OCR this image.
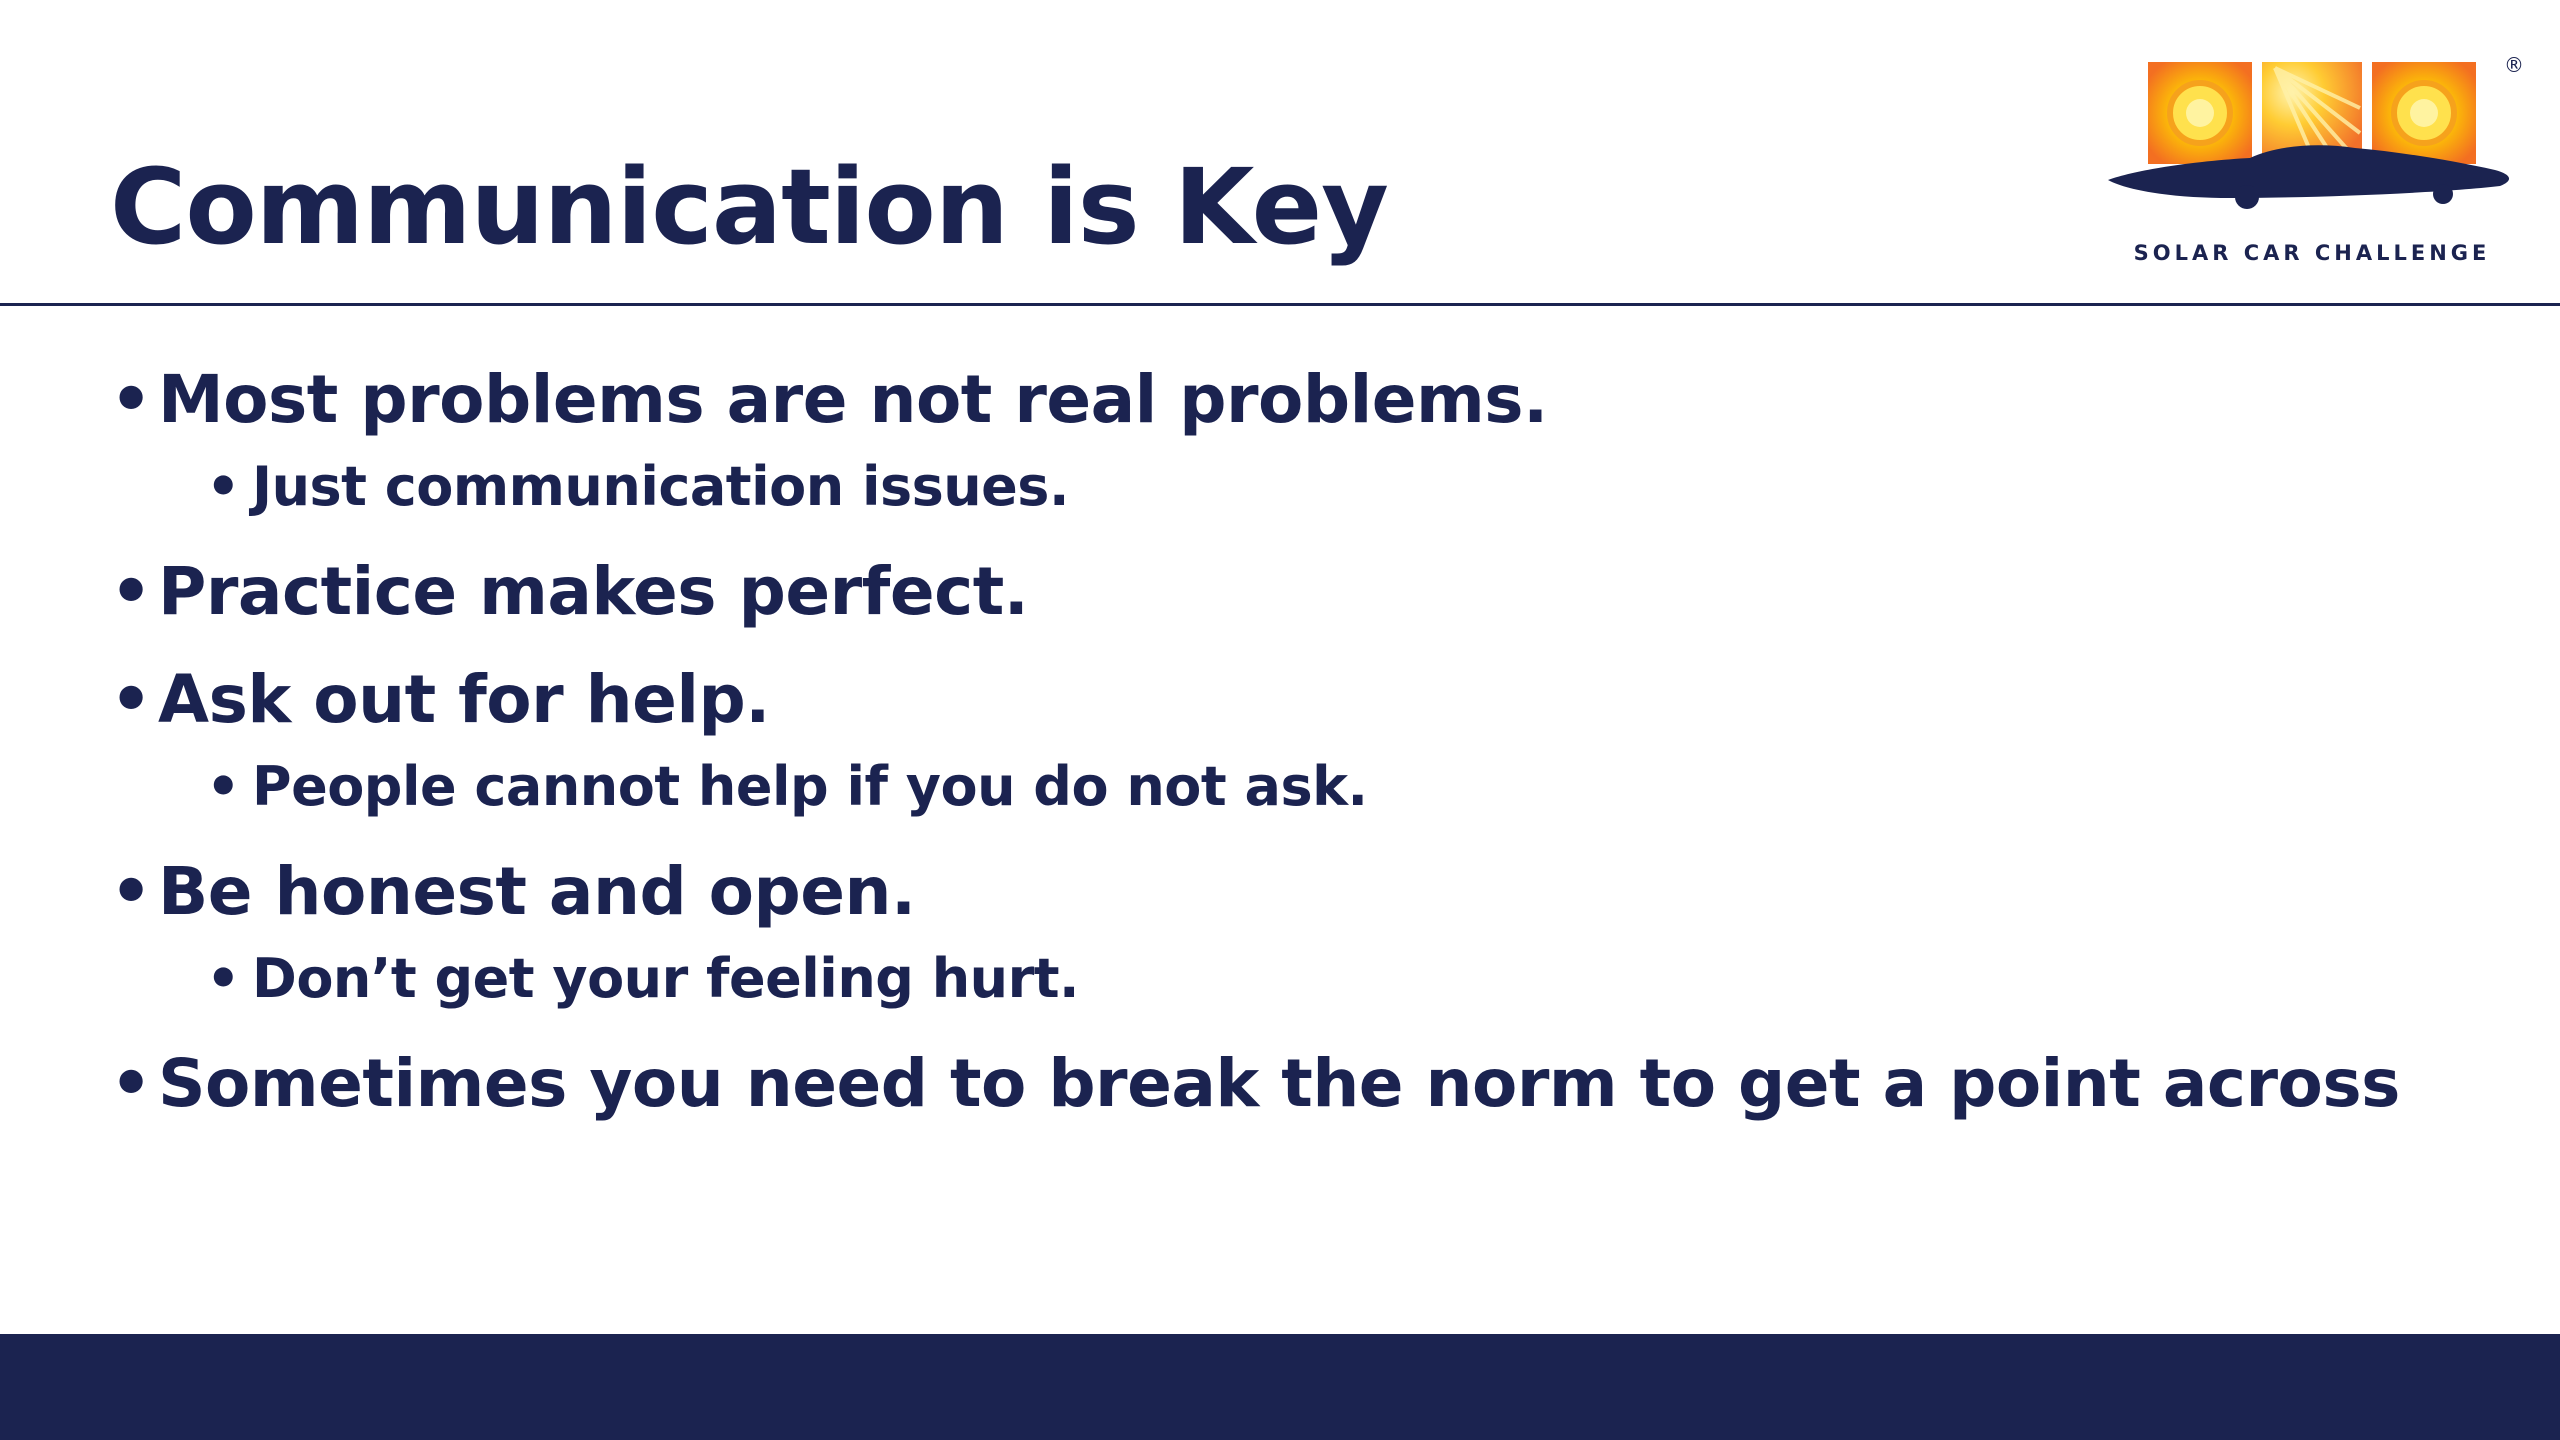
Communication is Key
®
SOLAR CAR CHALLENGE
• Most problems are not real problems.
• Just communication issues.
• Practice makes perfect.
• Ask out for help.
• People cannot help if you do not ask.
• Be honest and open.
• Don’t get your feeling hurt.
• Sometimes you need to break the norm to get a point across
